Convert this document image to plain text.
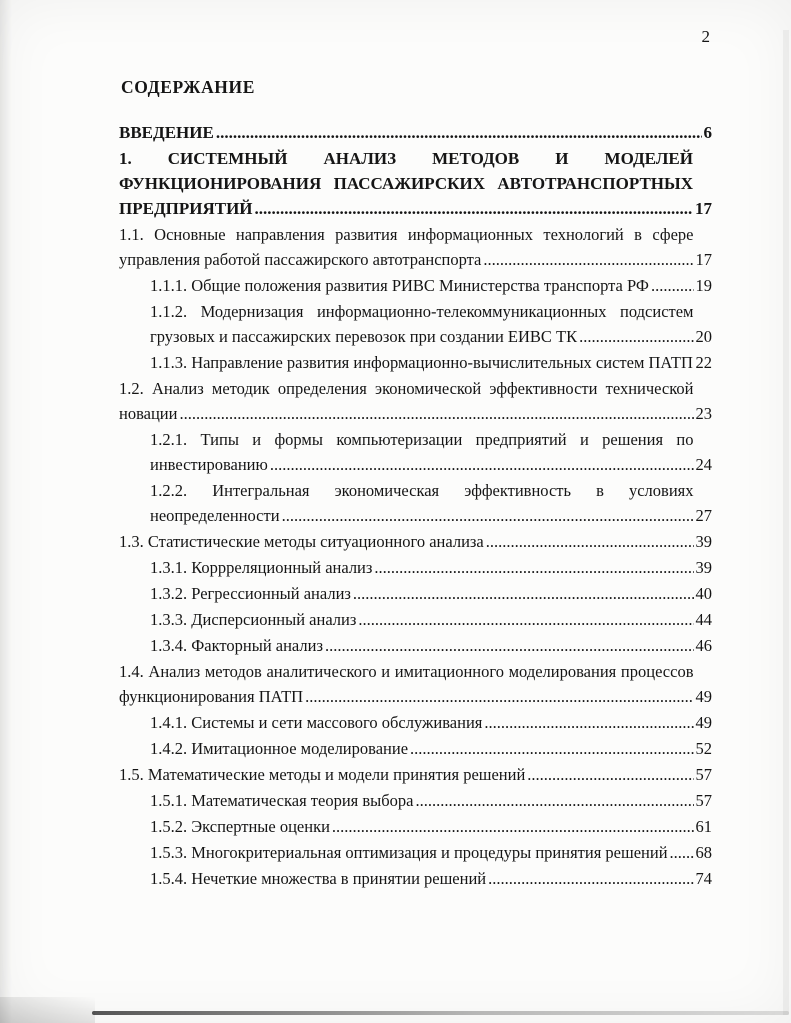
2
СОДЕРЖАНИЕ
ВВЕДЕНИЕ .....	6
1. СИСТЕМНЫЙ АНАЛИЗ МЕТОДОВ И МОДЕЛЕЙ ФУНКЦИОНИРОВАНИЯ ПАССАЖИРСКИХ АВТОТРАНСПОРТНЫХ ПРЕДПРИЯТИЙ .....	17
1.1. Основные направления развития информационных технологий в сфере управления работой пассажирского автотранспорта .....	17
1.1.1. Общие положения развития РИВС Министерства транспорта РФ .....	19
1.1.2. Модернизация информационно-телекоммуникационных подсистем грузовых и пассажирских перевозок при создании ЕИВС ТК .....	20
1.1.3. Направление развития информационно-вычислительных систем ПАТП ..... 22
1.2. Анализ методик определения экономической эффективности технической новации .....	23
1.2.1. Типы и формы компьютеризации предприятий и решения по инвестированию .....	24
1.2.2. Интегральная экономическая эффективность в условиях неопределенности .....	27
1.3. Статистические методы ситуационного анализа .....	39
1.3.1. Коррреляционный анализ .....	39
1.3.2. Регрессионный анализ .....	40
1.3.3. Дисперсионный анализ .....	44
1.3.4. Факторный анализ .....	46
1.4. Анализ методов аналитического и имитационного моделирования процессов функционирования ПАТП .....	49
1.4.1. Системы и сети массового обслуживания .....	49
1.4.2. Имитационное моделирование .....	52
1.5. Математические методы и модели принятия решений .....	57
1.5.1. Математическая теория выбора .....	57
1.5.2. Экспертные оценки .....	61
1.5.3. Многокритериальная оптимизация и процедуры принятия решений .....	68
1.5.4. Нечеткие множества в принятии решений .....	74
